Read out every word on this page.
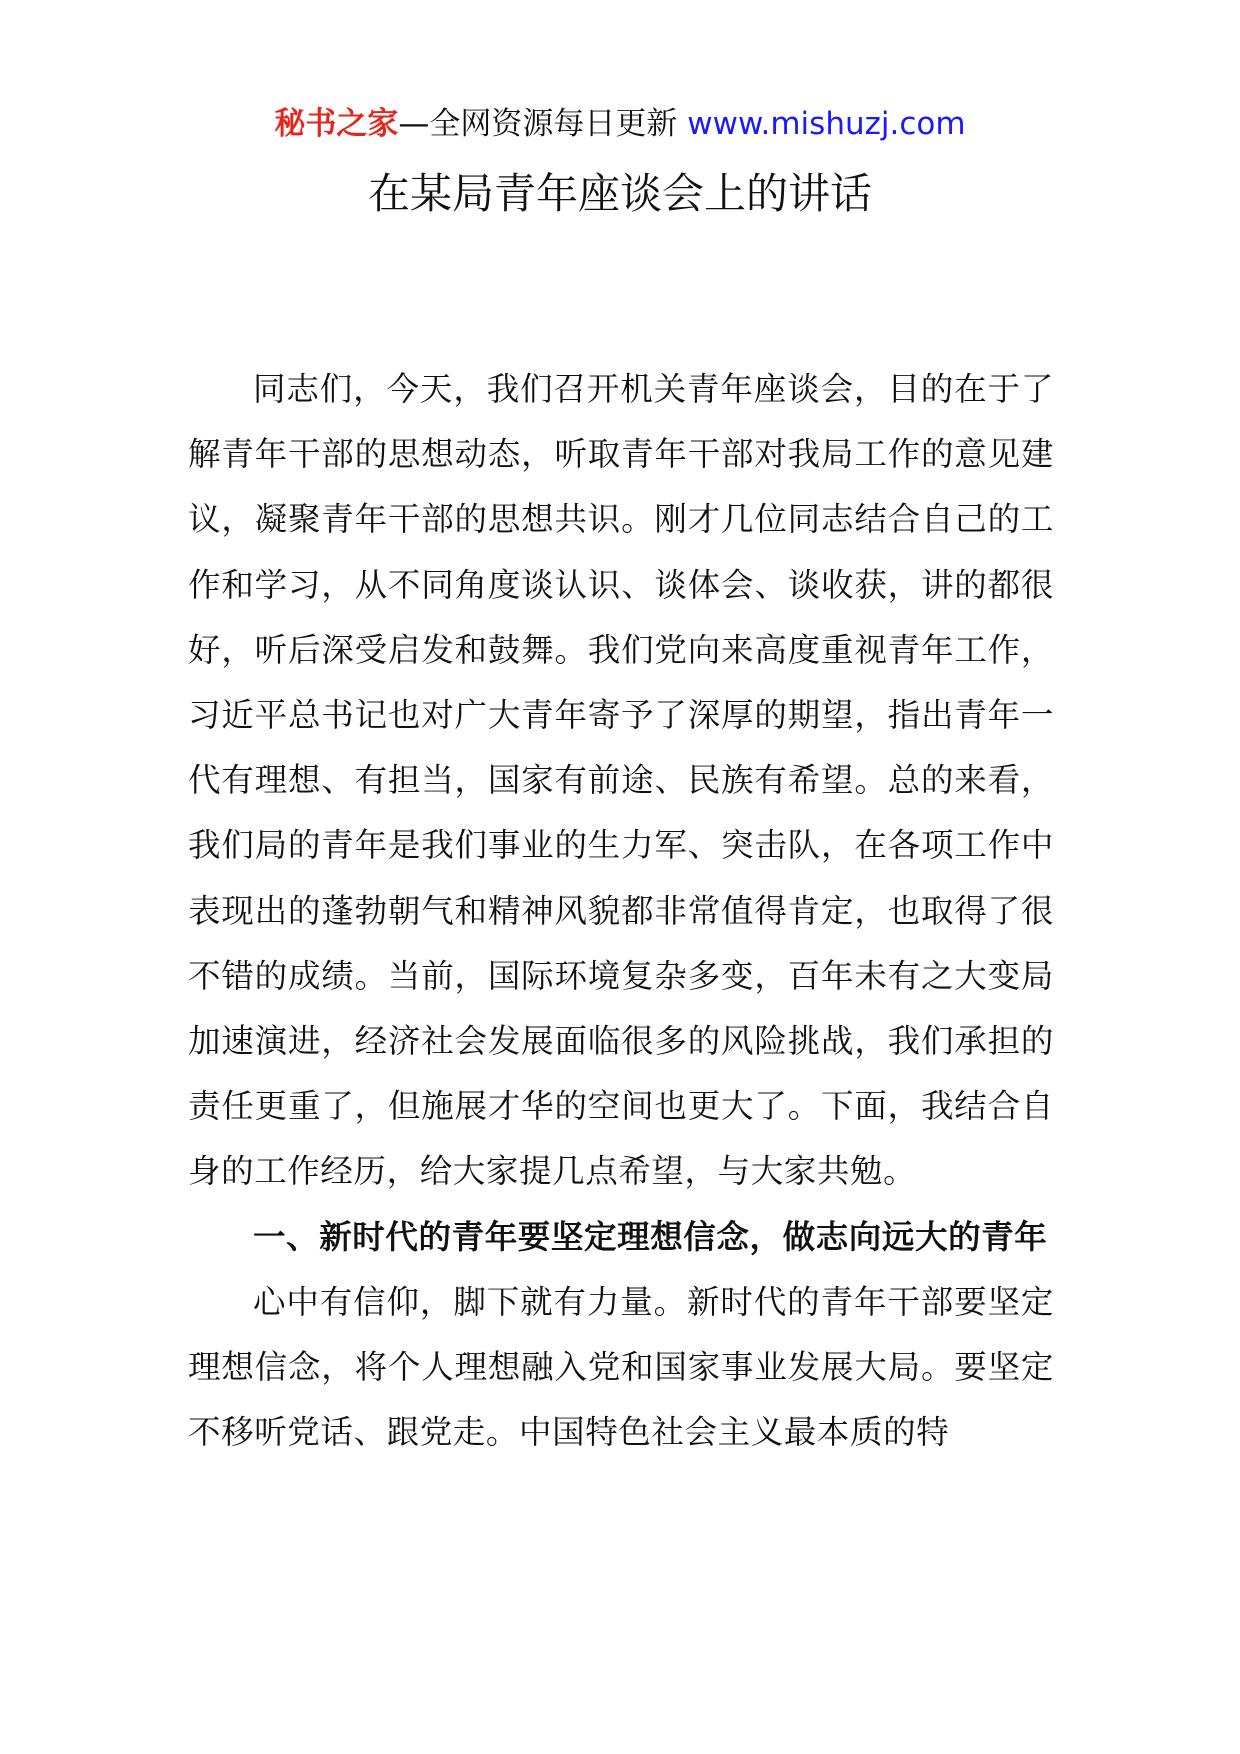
秘书之家—全网资源每日更新 www.mishuzj.com
在某局青年座谈会上的讲话

同志们，今天，我们召开机关青年座谈会，目的在于了解青年干部的思想动态，听取青年干部对我局工作的意见建议，凝聚青年干部的思想共识。刚才几位同志结合自己的工作和学习，从不同角度谈认识、谈体会、谈收获，讲的都很好，听后深受启发和鼓舞。我们党向来高度重视青年工作，习近平总书记也对广大青年寄予了深厚的期望，指出青年一代有理想、有担当，国家有前途、民族有希望。总的来看，我们局的青年是我们事业的生力军、突击队，在各项工作中表现出的蓬勃朝气和精神风貌都非常值得肯定，也取得了很不错的成绩。当前，国际环境复杂多变，百年未有之大变局加速演进，经济社会发展面临很多的风险挑战，我们承担的责任更重了，但施展才华的空间也更大了。下面，我结合自身的工作经历，给大家提几点希望，与大家共勉。

一、新时代的青年要坚定理想信念，做志向远大的青年

心中有信仰，脚下就有力量。新时代的青年干部要坚定理想信念，将个人理想融入党和国家事业发展大局。要坚定不移听党话、跟党走。中国特色社会主义最本质的特
